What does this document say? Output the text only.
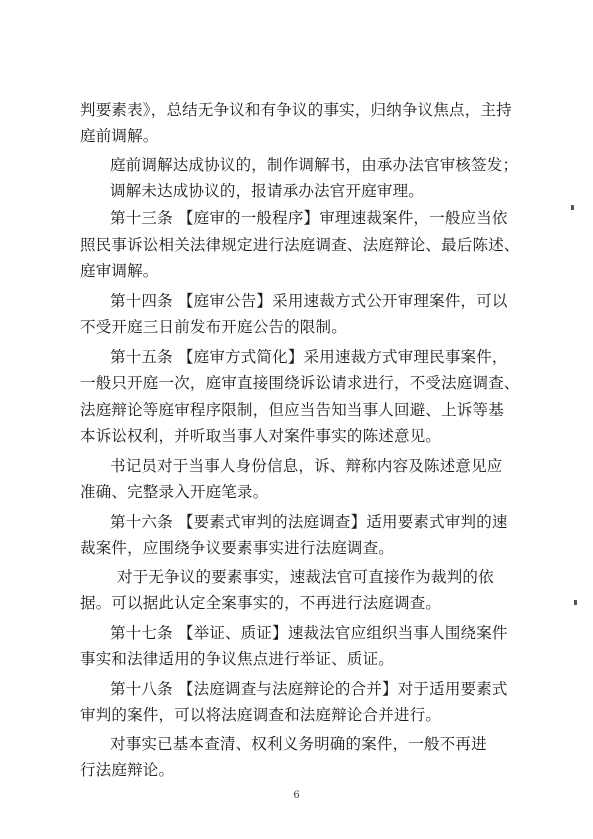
判要素表》，总结无争议和有争议的事实，归纳争议焦点，主持
庭前调解。
庭前调解达成协议的，制作调解书，由承办法官审核签发；
调解未达成协议的，报请承办法官开庭审理。
第十三条 【庭审的一般程序】审理速裁案件，一般应当依
照民事诉讼相关法律规定进行法庭调查、法庭辩论、最后陈述、
庭审调解。
第十四条 【庭审公告】采用速裁方式公开审理案件，可以
不受开庭三日前发布开庭公告的限制。
第十五条 【庭审方式简化】采用速裁方式审理民事案件，
一般只开庭一次，庭审直接围绕诉讼请求进行，不受法庭调查、
法庭辩论等庭审程序限制，但应当告知当事人回避、上诉等基
本诉讼权利，并听取当事人对案件事实的陈述意见。
书记员对于当事人身份信息，诉、辩称内容及陈述意见应
准确、完整录入开庭笔录。
第十六条 【要素式审判的法庭调查】适用要素式审判的速
裁案件，应围绕争议要素事实进行法庭调查。
对于无争议的要素事实，速裁法官可直接作为裁判的依
据。可以据此认定全案事实的，不再进行法庭调查。
第十七条 【举证、质证】速裁法官应组织当事人围绕案件
事实和法律适用的争议焦点进行举证、质证。
第十八条 【法庭调查与法庭辩论的合并】对于适用要素式
审判的案件，可以将法庭调查和法庭辩论合并进行。
对事实已基本查清、权利义务明确的案件，一般不再进
行法庭辩论。
6
